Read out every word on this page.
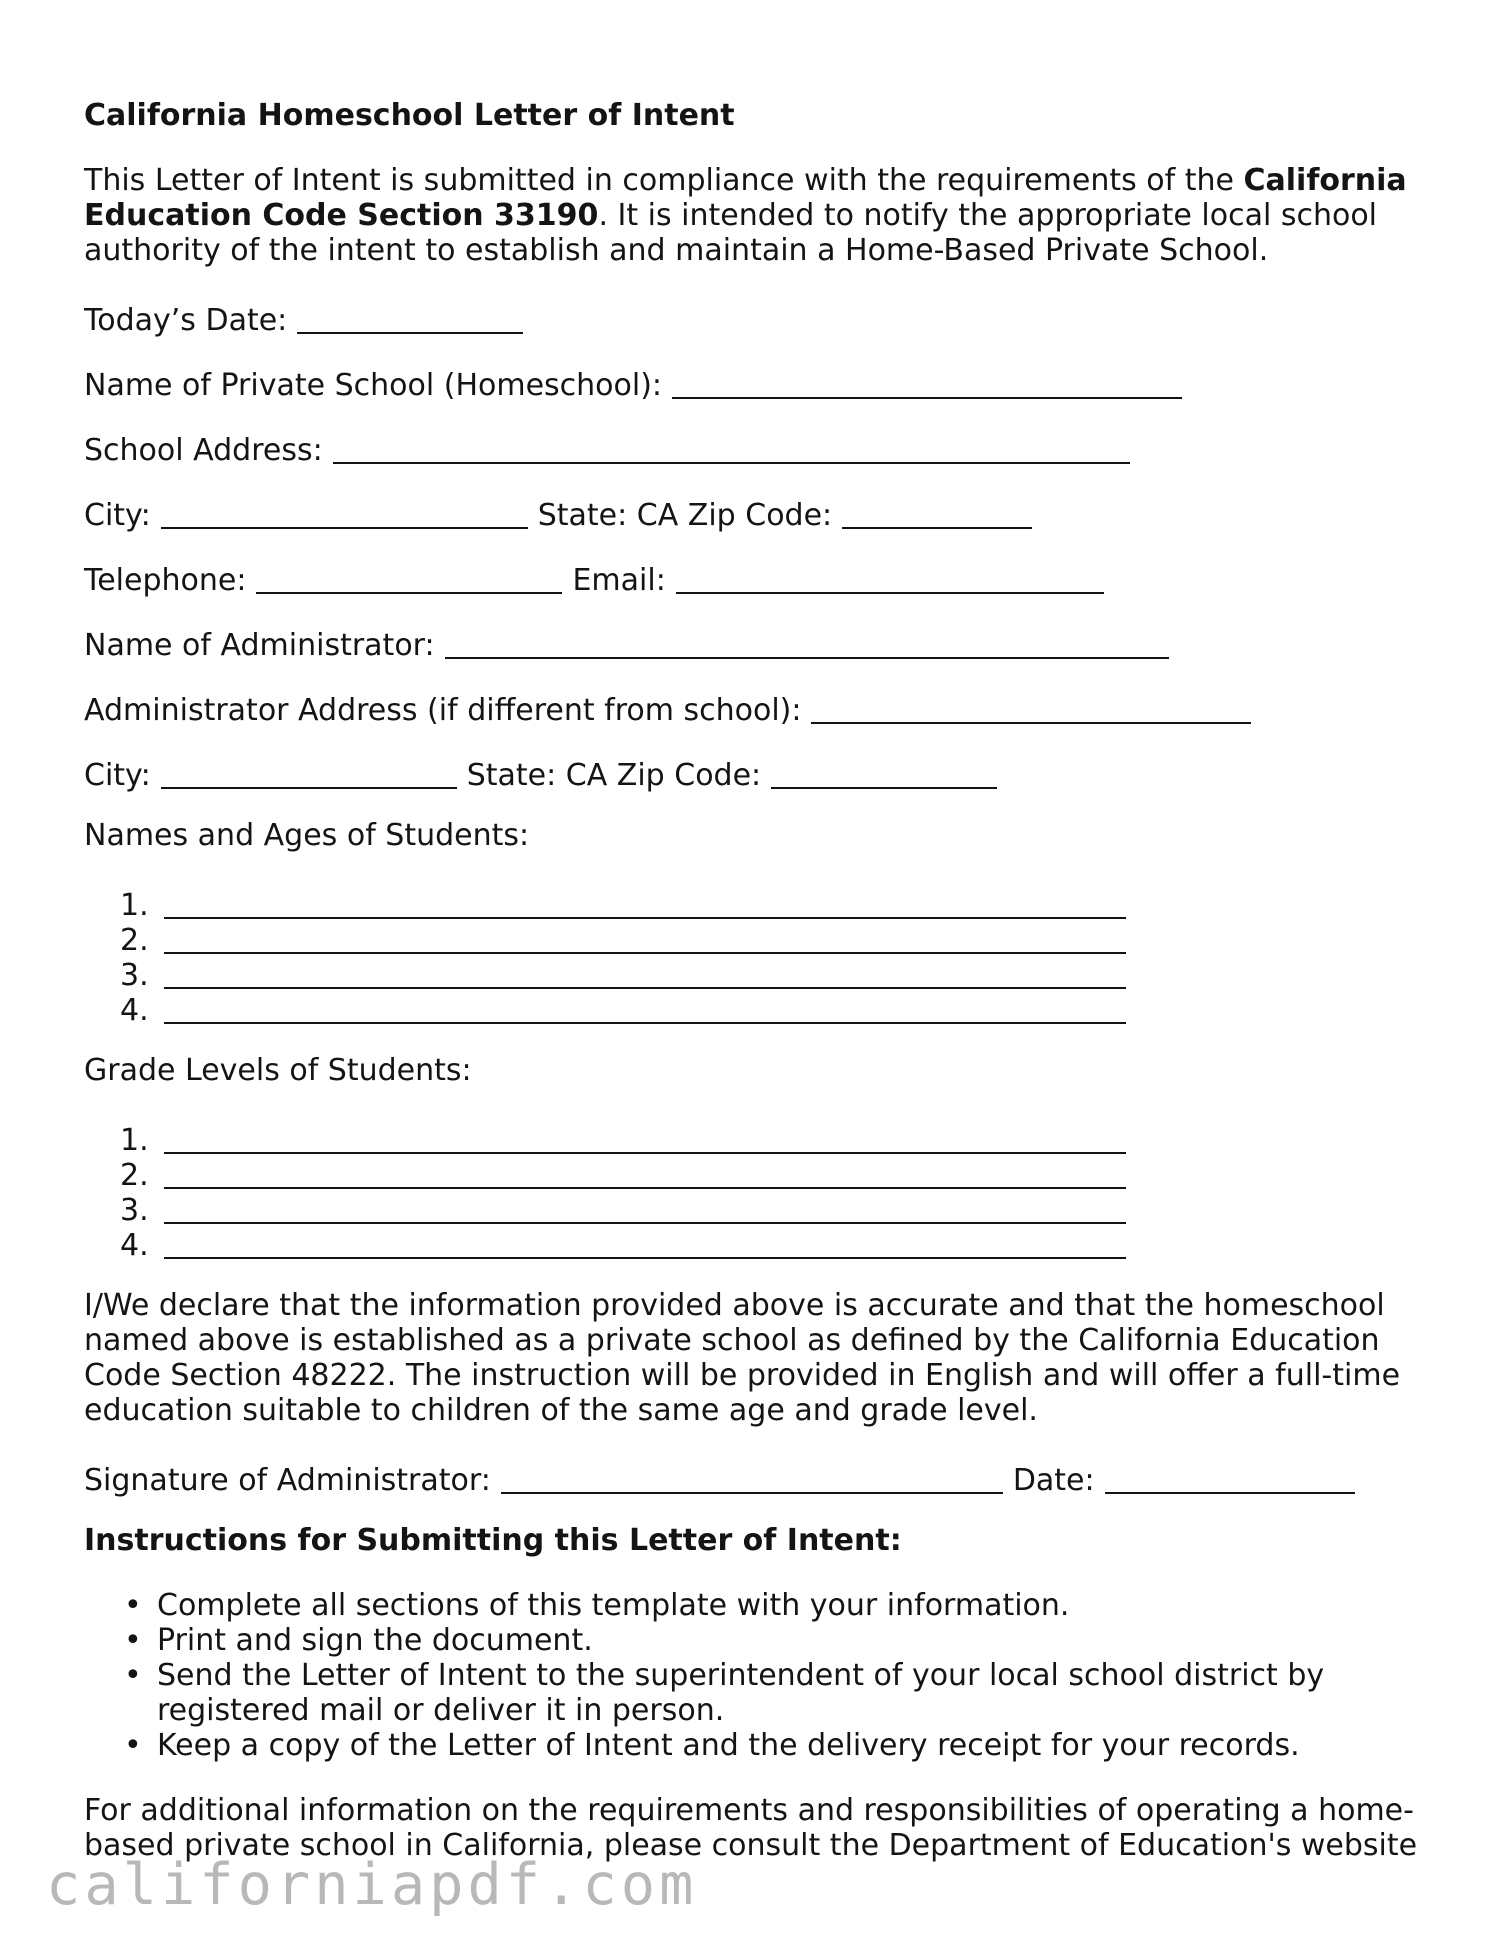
California Homeschool Letter of Intent
This Letter of Intent is submitted in compliance with the requirements of the California Education Code Section 33190. It is intended to notify the appropriate local school authority of the intent to establish and maintain a Home-Based Private School.
Today’s Date:
Name of Private School (Homeschool):
School Address:
City:	State: CA Zip Code:
Telephone:	Email:
Name of Administrator:
Administrator Address (if different from school):
City:	State: CA Zip Code:
Names and Ages of Students:
1.
2.
3.
4.
Grade Levels of Students:
1.
2.
3.
4.
I/We declare that the information provided above is accurate and that the homeschool named above is established as a private school as defined by the California Education Code Section 48222. The instruction will be provided in English and will offer a full-time education suitable to children of the same age and grade level.
Signature of Administrator:	Date:
Instructions for Submitting this Letter of Intent:
• Complete all sections of this template with your information.
• Print and sign the document.
• Send the Letter of Intent to the superintendent of your local school district by registered mail or deliver it in person.
• Keep a copy of the Letter of Intent and the delivery receipt for your records.
For additional information on the requirements and responsibilities of operating a home-based private school in California, please consult the Department of Education's website
californiapdf.com
